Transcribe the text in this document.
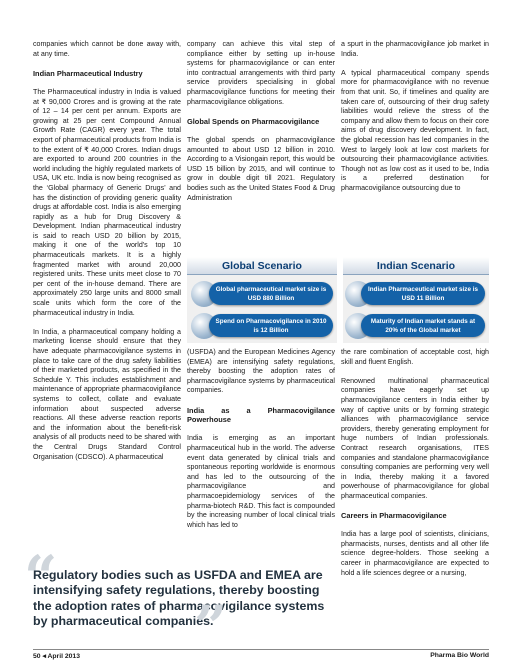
companies which cannot be done away with, at any time.

Indian Pharmaceutical Industry

The Pharmaceutical industry in India is valued at ₹ 90,000 Crores and is growing at the rate of 12 – 14 per cent per annum. Exports are growing at 25 per cent Compound Annual Growth Rate (CAGR) every year. The total export of pharmaceutical products from India is to the extent of ₹ 40,000 Crores. Indian drugs are exported to around 200 countries in the world including the highly regulated markets of USA, UK etc. India is now being recognised as the ‘Global pharmacy of Generic Drugs’ and has the distinction of providing generic quality drugs at affordable cost. India is also emerging rapidly as a hub for Drug Discovery & Development. Indian pharmaceutical industry is said to reach USD 20 billion by 2015, making it one of the world's top 10 pharmaceuticals markets. It is a highly fragmented market with around 20,000 registered units. These units meet close to 70 per cent of the in-house demand. There are approximately 250 large units and 8000 small scale units which form the core of the pharmaceutical industry in India.

In India, a pharmaceutical company holding a marketing license should ensure that they have adequate pharmacovigilance systems in place to take care of the drug safety liabilities of their marketed products, as specified in the Schedule Y. This includes establishment and maintenance of appropriate pharmacovigilance systems to collect, collate and evaluate information about suspected adverse reactions. All these adverse reaction reports and the information about the benefit-risk analysis of all products need to be shared with the Central Drugs Standard Control Organisation (CDSCO). A pharmaceutical

company can achieve this vital step of compliance either by setting up in-house systems for pharmacovigilance or can enter into contractual arrangements with third party service providers specialising in global pharmacovigilance functions for meeting their pharmacovigilance obligations.

Global Spends on Pharmacovigilance

The global spends on pharmacovigilance amounted to about USD 12 billion in 2010. According to a Visiongain report, this would be USD 15 billion by 2015, and will continue to grow in double digit till 2021. Regulatory bodies such as the United States Food & Drug Administration

a spurt in the pharmacovigilance job market in India.

A typical pharmaceutical company spends more for pharmacovigilance with no revenue from that unit. So, if timelines and quality are taken care of, outsourcing of their drug safety liabilities would relieve the stress of the company and allow them to focus on their core aims of drug discovery development. In fact, the global recession has led companies in the West to largely look at low cost markets for outsourcing their pharmacovigilance activities. Though not as low cost as it used to be, India is a preferred destination for pharmacovigilance outsourcing due to

Global Scenario	Indian Scenario
Global pharmaceutical market size is USD 880 Billion
Spend on Pharmacovigilance in 2010 is 12 Billion
Indian Pharmaceutical market size is USD 11 Billion
Maturity of Indian market stands at 20% of the Global market

(USFDA) and the European Medicines Agency (EMEA) are intensifying safety regulations, thereby boosting the adoption rates of pharmacovigilance systems by pharmaceutical companies.

India as a Pharmacovigilance Powerhouse

India is emerging as an important pharmaceutical hub in the world. The adverse event data generated by clinical trials and spontaneous reporting worldwide is enormous and has led to the outsourcing of the pharmacovigilance and pharmacoepidemiology services of the pharma-biotech R&D. This fact is compounded by the increasing number of local clinical trials which has led to

the rare combination of acceptable cost, high skill and fluent English.

Renowned multinational pharmaceutical companies have eagerly set up pharmacovigilance centers in India either by way of captive units or by forming strategic alliances with pharmacovigilance service providers, thereby generating employment for huge numbers of Indian professionals. Contract research organisations, ITES companies and standalone pharmacovigilance consulting companies are performing very well in India, thereby making it a favored powerhouse of pharmacovigilance for global pharmaceutical companies.

Careers in Pharmacovigilance

India has a large pool of scientists, clinicians, pharmacists, nurses, dentists and all other life science degree-holders. Those seeking a career in pharmacovigilance are expected to hold a life sciences degree or a nursing,

“
Regulatory bodies such as USFDA and EMEA are intensifying safety regulations, thereby boosting the adoption rates of pharmacovigilance systems by pharmaceutical companies.
”
50 ◂ April 2013	Pharma Bio World
